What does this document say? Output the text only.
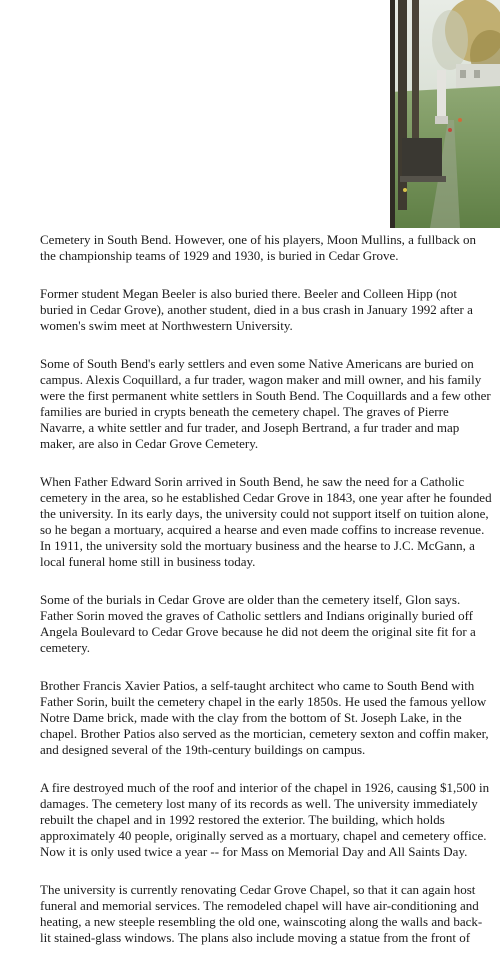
Cemetery in South Bend. However, one of his players, Moon Mullins, a fullback on the championship teams of 1929 and 1930, is buried in Cedar Grove.

Former student Megan Beeler is also buried there. Beeler and Colleen Hipp (not buried in Cedar Grove), another student, died in a bus crash in January 1992 after a women's swim meet at Northwestern University.

Some of South Bend's early settlers and even some Native Americans are buried on campus. Alexis Coquillard, a fur trader, wagon maker and mill owner, and his family were the first permanent white settlers in South Bend. The Coquillards and a few other families are buried in crypts beneath the cemetery chapel. The graves of Pierre Navarre, a white settler and fur trader, and Joseph Bertrand, a fur trader and map maker, are also in Cedar Grove Cemetery.

When Father Edward Sorin arrived in South Bend, he saw the need for a Catholic cemetery in the area, so he established Cedar Grove in 1843, one year after he founded the university. In its early days, the university could not support itself on tuition alone, so he began a mortuary, acquired a hearse and even made coffins to increase revenue. In 1911, the university sold the mortuary business and the hearse to J.C. McGann, a local funeral home still in business today.

Some of the burials in Cedar Grove are older than the cemetery itself, Glon says. Father Sorin moved the graves of Catholic settlers and Indians originally buried off Angela Boulevard to Cedar Grove because he did not deem the original site fit for a cemetery.

Brother Francis Xavier Patios, a self-taught architect who came to South Bend with Father Sorin, built the cemetery chapel in the early 1850s. He used the famous yellow Notre Dame brick, made with the clay from the bottom of St. Joseph Lake, in the chapel. Brother Patios also served as the mortician, cemetery sexton and coffin maker, and designed several of the 19th-century buildings on campus.

A fire destroyed much of the roof and interior of the chapel in 1926, causing $1,500 in damages. The cemetery lost many of its records as well. The university immediately rebuilt the chapel and in 1992 restored the exterior. The building, which holds approximately 40 people, originally served as a mortuary, chapel and cemetery office. Now it is only used twice a year -- for Mass on Memorial Day and All Saints Day.

The university is currently renovating Cedar Grove Chapel, so that it can again host funeral and memorial services. The remodeled chapel will have air-conditioning and heating, a new steeple resembling the old one, wainscoting along the walls and back-lit stained-glass windows. The plans also include moving a statue from the front of
